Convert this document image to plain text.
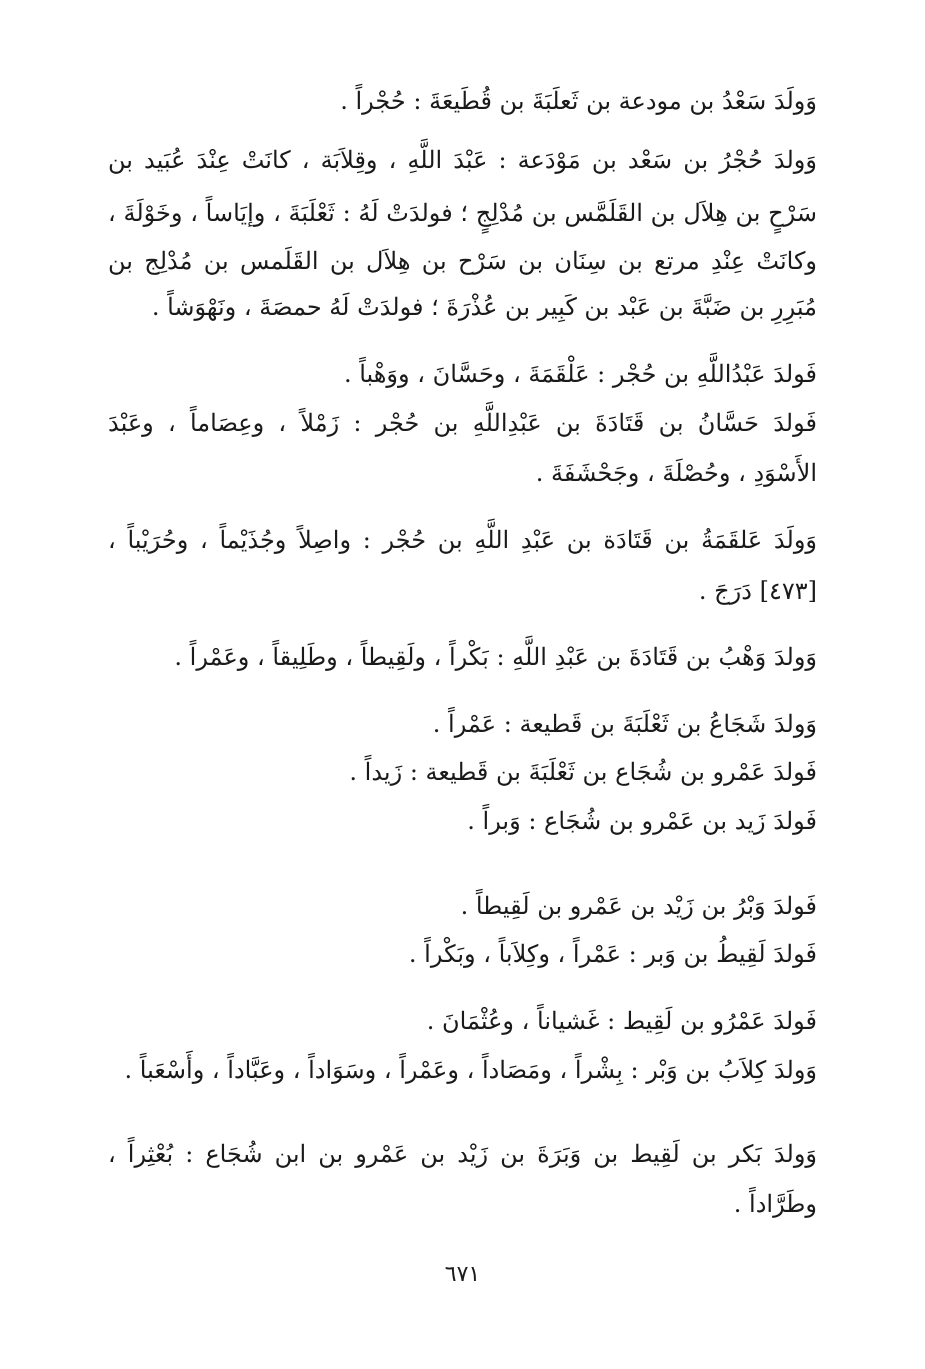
وَولَدَ سَعْدُ بن مودعة بن ثَعلَبَةَ بن قُطَيعَةَ : حُجْراً .
وَولدَ حُجْرُ بن سَعْد بن مَوْدَعة : عَبْدَ اللَّهِ ، وقِلاَبَة ، كانَتْ عِنْدَ عُبَيد بن
سَرْحٍ بن هِلاَل بن القَلَمَّس بن مُدْلِجٍ ؛ فولدَتْ لَهُ : ثَعْلَبَةَ ، وإيَاساً ، وخَوْلَةَ ،
وكانَتْ عِنْدِ مرتع بن سِنَان بن سَرْح بن هِلاَل بن القَلَمس بن مُدْلِج بن
مُبَرِرِ بن ضَبَّةَ بن عَبْد بن كَبِير بن عُذْرَةَ ؛ فولدَتْ لَهُ حمصَةَ ، ونَهْوَشاً .
فَولدَ عَبْدُاللَّهِ بن حُجْر : عَلْقَمَةَ ، وحَسَّانَ ، ووَهْباً .
فَولدَ حَسَّانُ بن قَتَادَةَ بن عَبْدِاللَّهِ بن حُجْر : زَمْلاً ، وعِصَاماً ، وعَبْدَ
الأَسْوَدِ ، وحُصْلَةَ ، وجَحْشَفَةَ .
وَولَدَ عَلقَمَةُ بن قَتَادَة بن عَبْدِ اللَّهِ بن حُجْر : واصِلاً وجُذَيْماً ، وحُرَيْباً ،
[٤٧٣] دَرَجَ .
وَولدَ وَهْبُ بن قَتَادَةَ بن عَبْدِ اللَّهِ : بَكْراً ، ولَقِيطاً ، وطَلِيقاً ، وعَمْراً .
وَولدَ شَجَاعُ بن ثَعْلَبَةَ بن قَطيعة : عَمْراً .
فَولدَ عَمْرو بن شُجَاع بن ثَعْلَبَةَ بن قَطيعة : زَيداً .
فَولدَ زَيد بن عَمْرو بن شُجَاع : وَبراً .
فَولدَ وَبْرُ بن زَيْد بن عَمْرو بن لَقِيطاً .
فَولدَ لَقِيطُ بن وَبر : عَمْراً ، وكِلاَباً ، وبَكْراً .
فَولدَ عَمْرُو بن لَقِيط : غَشياناً ، وعُثْمَانَ .
وَولدَ كِلاَبُ بن وَبْر : بِشْراً ، ومَصَاداً ، وعَمْراً ، وسَوَاداً ، وعَبَّاداً ، وأَسْعَباً .
وَولدَ بَكر بن لَقِيط بن وَبَرَةَ بن زَيْد بن عَمْرو بن ابن شُجَاع : بُعْثِراً ،
وطَرَّاداً .
٦٧١
